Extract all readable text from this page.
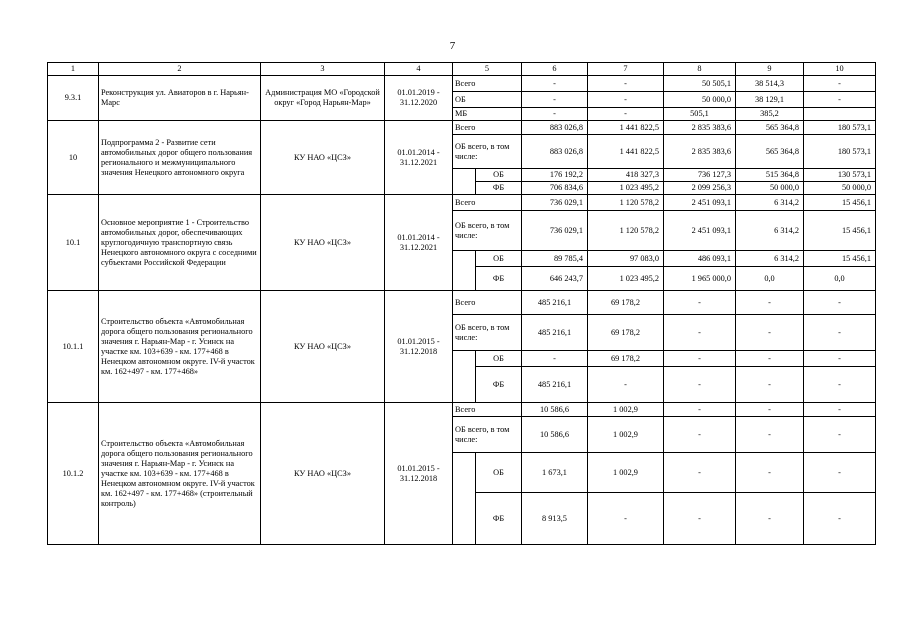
7
1	2	3	4	5		6	7	8	9	10
9.3.1	Реконструкция ул. Авиаторов в г. Нарьян-Марс	Администрация МО «Городской округ «Город Нарьян-Мар»	01.01.2019 - 31.12.2020	Всего		-	-	50 505,1	38 514,3	-
				ОБ		-	-	50 000,0	38 129,1	-
				МБ		-	-	505,1	385,2	
10	Подпрограмма 2 - Развитие сети автомобильных дорог общего пользования регионального и межмуниципального значения Ненецкого автономного округа	КУ НАО «ЦСЗ»	01.01.2014 - 31.12.2021	Всего		883 026,8	1 441 822,5	2 835 383,6	565 364,8	180 573,1
				ОБ всего, в том числе:		883 026,8	1 441 822,5	2 835 383,6	565 364,8	180 573,1
					ОБ	176 192,2	418 327,3	736 127,3	515 364,8	130 573,1
					ФБ	706 834,6	1 023 495,2	2 099 256,3	50 000,0	50 000,0
10.1	Основное мероприятие 1 - Строительство автомобильных дорог, обеспечивающих круглогодичную транспортную связь Ненецкого автономного округа с соседними субъектами Российской Федерации	КУ НАО «ЦСЗ»	01.01.2014 - 31.12.2021	Всего		736 029,1	1 120 578,2	2 451 093,1	6 314,2	15 456,1
				ОБ всего, в том числе:		736 029,1	1 120 578,2	2 451 093,1	6 314,2	15 456,1
					ОБ	89 785,4	97 083,0	486 093,1	6 314,2	15 456,1
					ФБ	646 243,7	1 023 495,2	1 965 000,0	0,0	0,0
10.1.1	Строительство объекта «Автомобильная дорога общего пользования регионального значения г. Нарьян-Мар - г. Усинск на участке км. 103+639 - км. 177+468 в Ненецком автономном округе. IV-й участок км. 162+497 - км. 177+468»	КУ НАО «ЦСЗ»	01.01.2015 - 31.12.2018	Всего		485 216,1	69 178,2	-	-	-
				ОБ всего, в том числе:		485 216,1	69 178,2	-	-	-
					ОБ	-	69 178,2	-	-	-
					ФБ	485 216,1	-	-	-	-
10.1.2	Строительство объекта «Автомобильная дорога общего пользования регионального значения г. Нарьян-Мар - г. Усинск на участке км. 103+639 - км. 177+468 в Ненецком автономном округе. IV-й участок км. 162+497 - км. 177+468» (строительный контроль)	КУ НАО «ЦСЗ»	01.01.2015 - 31.12.2018	Всего		10 586,6	1 002,9	-	-	-
				ОБ всего, в том числе:		10 586,6	1 002,9	-	-	-
					ОБ	1 673,1	1 002,9	-	-	-
					ФБ	8 913,5	-	-	-	-
